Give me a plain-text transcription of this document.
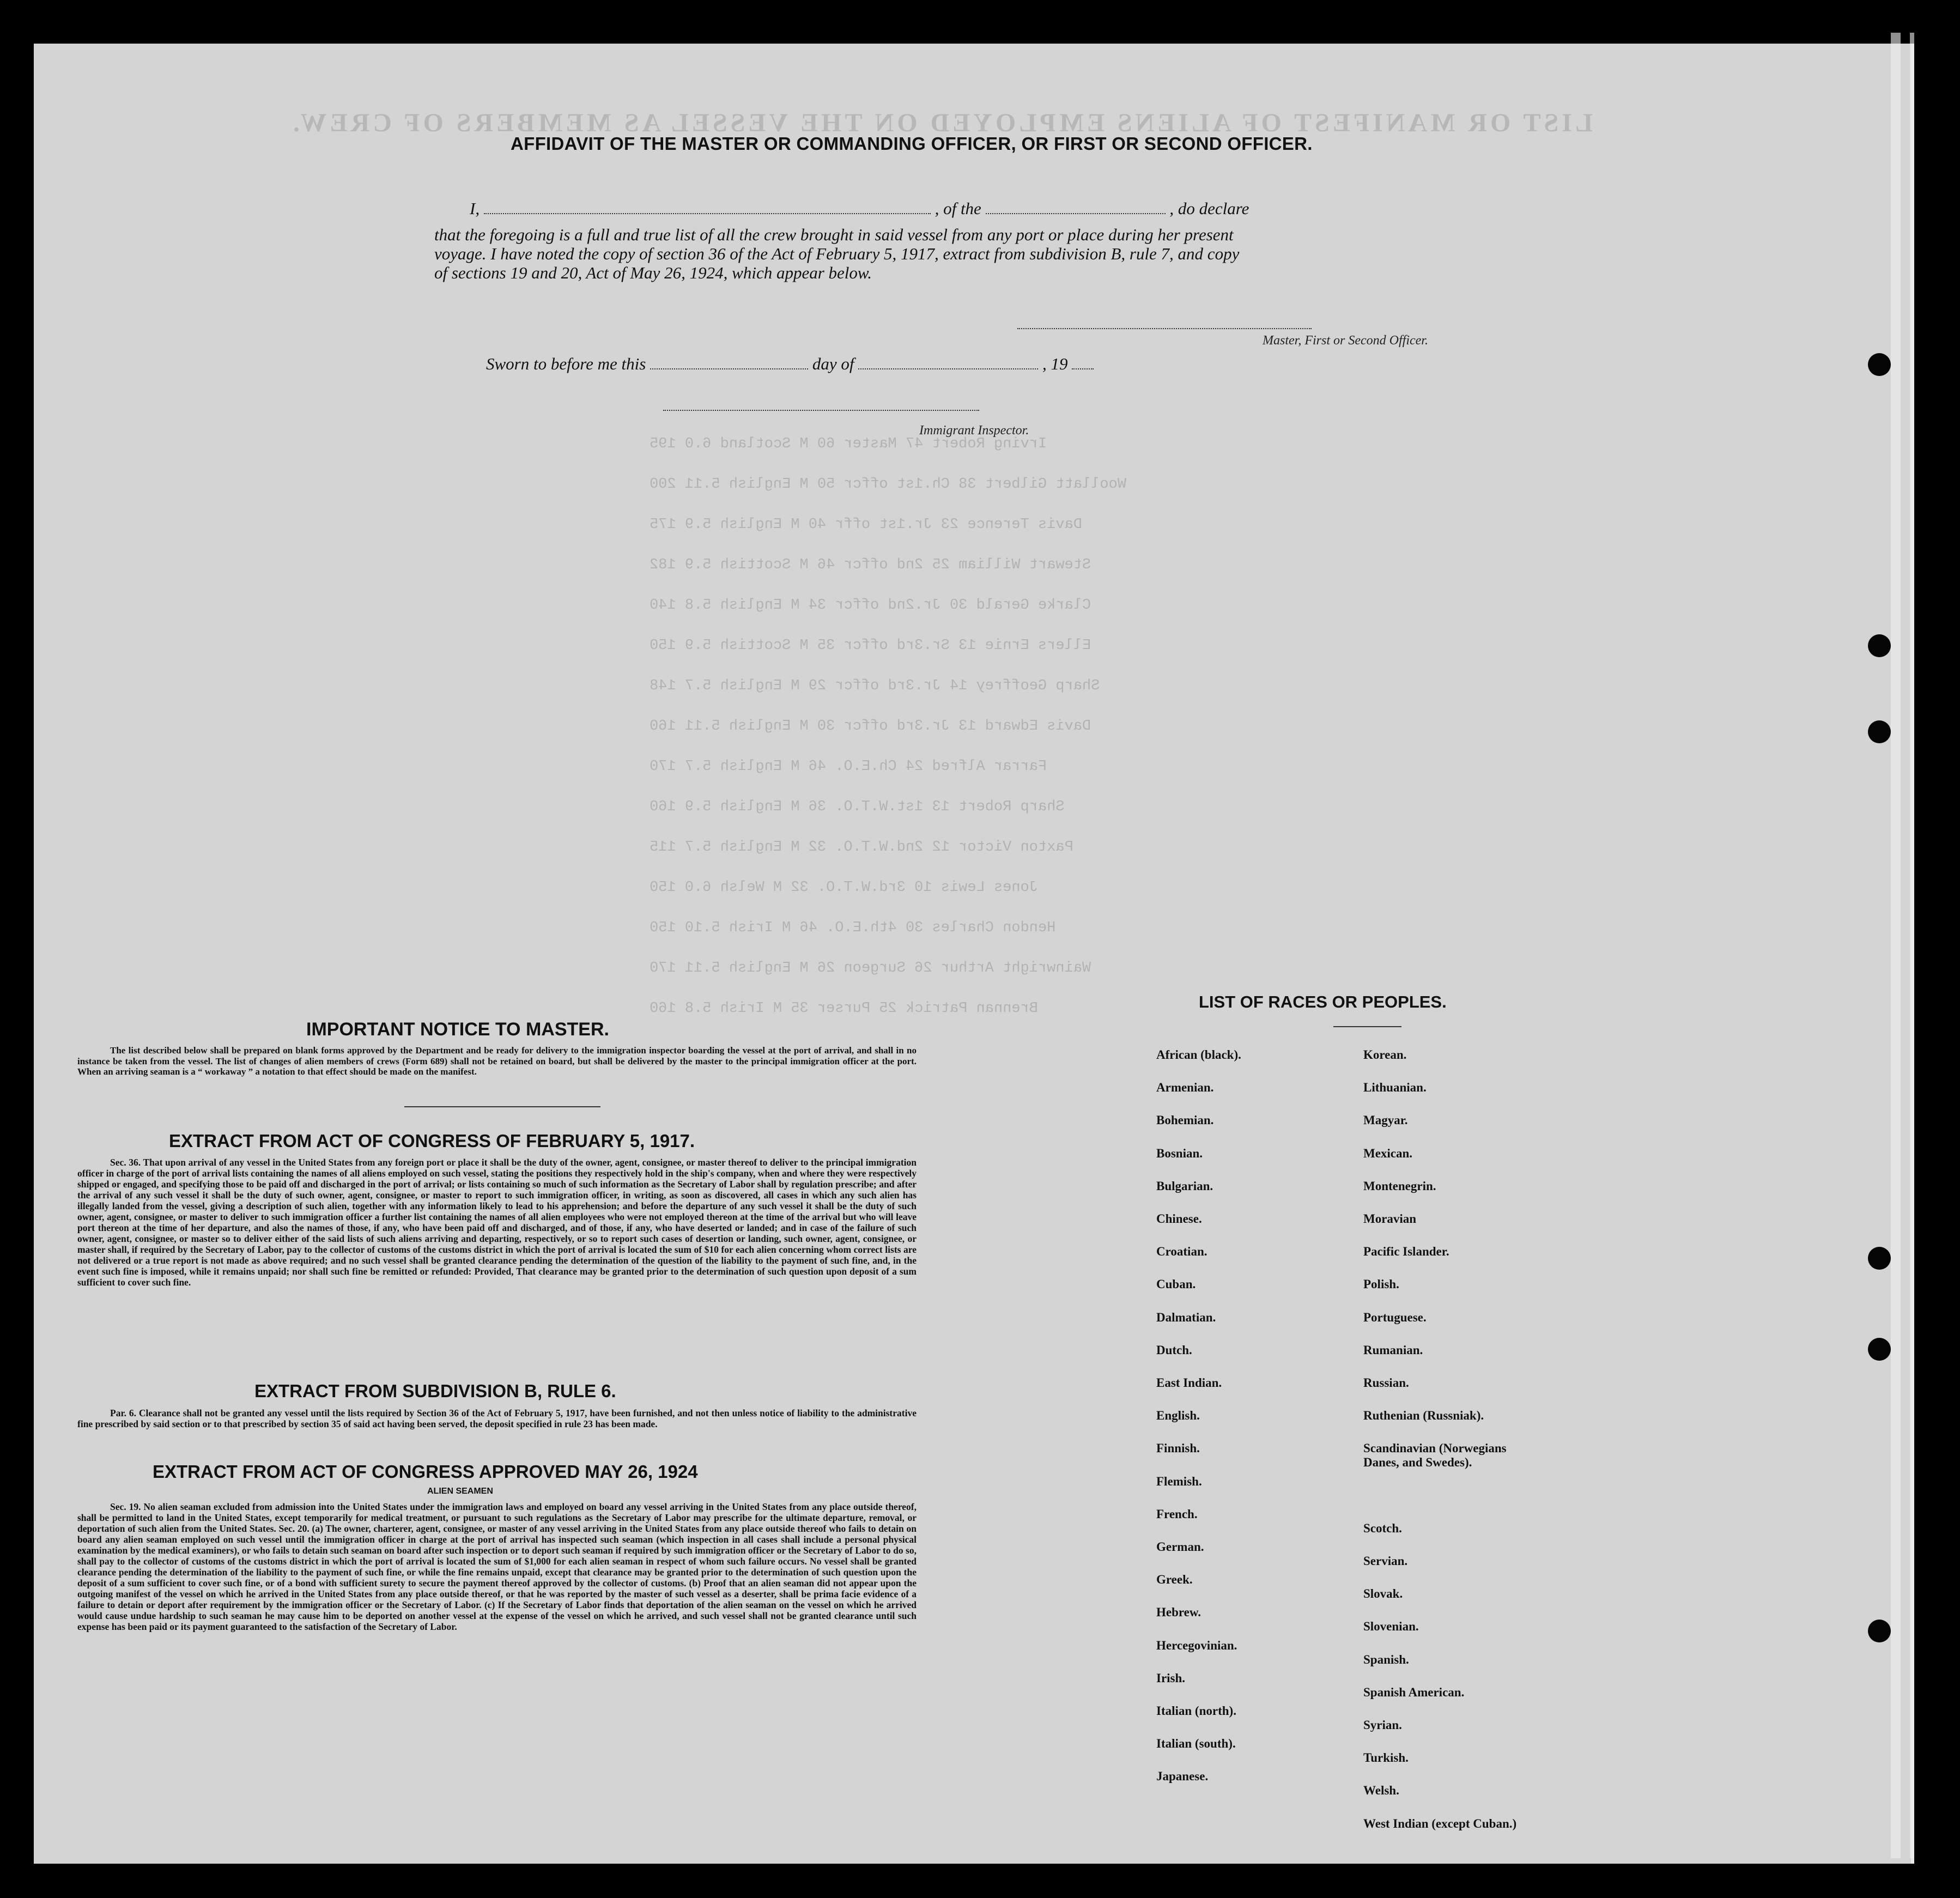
LIST OR MANIFEST OF ALIENS EMPLOYED ON THE VESSEL AS MEMBERS OF CREW.
Irving Robert 47 Master 60 M Scotland 6.0 195
Woollatt Gilbert 38 Ch.1st offcr 50 M English 5.11 200
Davis Terence 23 Jr.1st offr 40 M English 5.9 175
Stewart William 25 2nd offcr 46 M Scottish 5.9 182
Clarke Gerald 30 Jr.2nd offcr 34 M English 5.8 140
Ellers Ernie 13 Sr.3rd offcr 35 M Scottish 5.9 150
Sharp Geoffrey 14 Jr.3rd offcr 29 M English 5.7 148
Davis Edward 13 Jr.3rd offcr 30 M English 5.11 160
Farrar Alfred 24 Ch.E.O. 46 M English 5.7 170
Sharp Robert 13 1st.W.T.O. 36 M English 5.9 160
Paxton Victor 12 2nd.W.T.O. 32 M English 5.7 115
Jones Lewis 10 3rd.W.T.O. 32 M Welsh 6.0 150
Hendon Charles 30 4th.E.O. 46 M Irish 5.10 150
Wainwright Arthur 26 Surgeon 26 M English 5.11 170
Brennan Patrick 25 Purser 35 M Irish 5.8 160
AFFIDAVIT OF THE MASTER OR COMMANDING OFFICER, OR FIRST OR SECOND OFFICER.
I,	, of the	, do declare
that the foregoing is a full and true list of all the crew brought in said vessel from any port or place during her present
voyage. I have noted the copy of section 36 of the Act of February 5, 1917, extract from subdivision B, rule 7, and copy
of sections 19 and 20, Act of May 26, 1924, which appear below.
Master, First or Second Officer.
Sworn to before me this	day of	, 19
Immigrant Inspector.
IMPORTANT NOTICE TO MASTER.

The list described below shall be prepared on blank forms approved by the Department and be ready for delivery to the immigration inspector boarding the vessel at the port of arrival, and shall in no instance be taken from the vessel. The list of changes of alien members of crews (Form 689) shall not be retained on board, but shall be delivered by the master to the principal immigration officer at the port. When an arriving seaman is a “ workaway ” a notation to that effect should be made on the manifest.

EXTRACT FROM ACT OF CONGRESS OF FEBRUARY 5, 1917.

Sec. 36. That upon arrival of any vessel in the United States from any foreign port or place it shall be the duty of the owner, agent, consignee, or master thereof to deliver to the principal immigration officer in charge of the port of arrival lists containing the names of all aliens employed on such vessel, stating the positions they respectively hold in the ship's company, when and where they were respectively shipped or engaged, and specifying those to be paid off and discharged in the port of arrival; or lists containing so much of such information as the Secretary of Labor shall by regulation prescribe; and after the arrival of any such vessel it shall be the duty of such owner, agent, consignee, or master to report to such immigration officer, in writing, as soon as discovered, all cases in which any such alien has illegally landed from the vessel, giving a description of such alien, together with any information likely to lead to his apprehension; and before the departure of any such vessel it shall be the duty of such owner, agent, consignee, or master to deliver to such immigration officer a further list containing the names of all alien employees who were not employed thereon at the time of the arrival but who will leave port thereon at the time of her departure, and also the names of those, if any, who have been paid off and discharged, and of those, if any, who have deserted or landed; and in case of the failure of such owner, agent, consignee, or master so to deliver either of the said lists of such aliens arriving and departing, respectively, or so to report such cases of desertion or landing, such owner, agent, consignee, or master shall, if required by the Secretary of Labor, pay to the collector of customs of the customs district in which the port of arrival is located the sum of $10 for each alien concerning whom correct lists are not delivered or a true report is not made as above required; and no such vessel shall be granted clearance pending the determination of the question of the liability to the payment of such fine, and, in the event such fine is imposed, while it remains unpaid; nor shall such fine be remitted or refunded: Provided, That clearance may be granted prior to the determination of such question upon deposit of a sum sufficient to cover such fine.

EXTRACT FROM SUBDIVISION B, RULE 6.

Par. 6. Clearance shall not be granted any vessel until the lists required by Section 36 of the Act of February 5, 1917, have been furnished, and not then unless notice of liability to the administrative fine prescribed by said section or to that prescribed by section 35 of said act having been served, the deposit specified in rule 23 has been made.

EXTRACT FROM ACT OF CONGRESS APPROVED MAY 26, 1924
ALIEN SEAMEN

Sec. 19. No alien seaman excluded from admission into the United States under the immigration laws and employed on board any vessel arriving in the United States from any place outside thereof, shall be permitted to land in the United States, except temporarily for medical treatment, or pursuant to such regulations as the Secretary of Labor may prescribe for the ultimate departure, removal, or deportation of such alien from the United States. Sec. 20. (a) The owner, charterer, agent, consignee, or master of any vessel arriving in the United States from any place outside thereof who fails to detain on board any alien seaman employed on such vessel until the immigration officer in charge at the port of arrival has inspected such seaman (which inspection in all cases shall include a personal physical examination by the medical examiners), or who fails to detain such seaman on board after such inspection or to deport such seaman if required by such immigration officer or the Secretary of Labor to do so, shall pay to the collector of customs of the customs district in which the port of arrival is located the sum of $1,000 for each alien seaman in respect of whom such failure occurs. No vessel shall be granted clearance pending the determination of the liability to the payment of such fine, or while the fine remains unpaid, except that clearance may be granted prior to the determination of such question upon the deposit of a sum sufficient to cover such fine, or of a bond with sufficient surety to secure the payment thereof approved by the collector of customs. (b) Proof that an alien seaman did not appear upon the outgoing manifest of the vessel on which he arrived in the United States from any place outside thereof, or that he was reported by the master of such vessel as a deserter, shall be prima facie evidence of a failure to detain or deport after requirement by the immigration officer or the Secretary of Labor. (c) If the Secretary of Labor finds that deportation of the alien seaman on the vessel on which he arrived would cause undue hardship to such seaman he may cause him to be deported on another vessel at the expense of the vessel on which he arrived, and such vessel shall not be granted clearance until such expense has been paid or its payment guaranteed to the satisfaction of the Secretary of Labor.

LIST OF RACES OR PEOPLES.
African (black).
Armenian.
Bohemian.
Bosnian.
Bulgarian.
Chinese.
Croatian.
Cuban.
Dalmatian.
Dutch.
East Indian.
English.
Finnish.
Flemish.
French.
German.
Greek.
Hebrew.
Hercegovinian.
Irish.
Italian (north).
Italian (south).
Japanese.
Korean.
Lithuanian.
Magyar.
Mexican.
Montenegrin.
Moravian
Pacific Islander.
Polish.
Portuguese.
Rumanian.
Russian.
Ruthenian (Russniak).
Scandinavian (Norwegians
Danes, and Swedes).
Scotch.
Servian.
Slovak.
Slovenian.
Spanish.
Spanish American.
Syrian.
Turkish.
Welsh.
West Indian (except Cuban.)
